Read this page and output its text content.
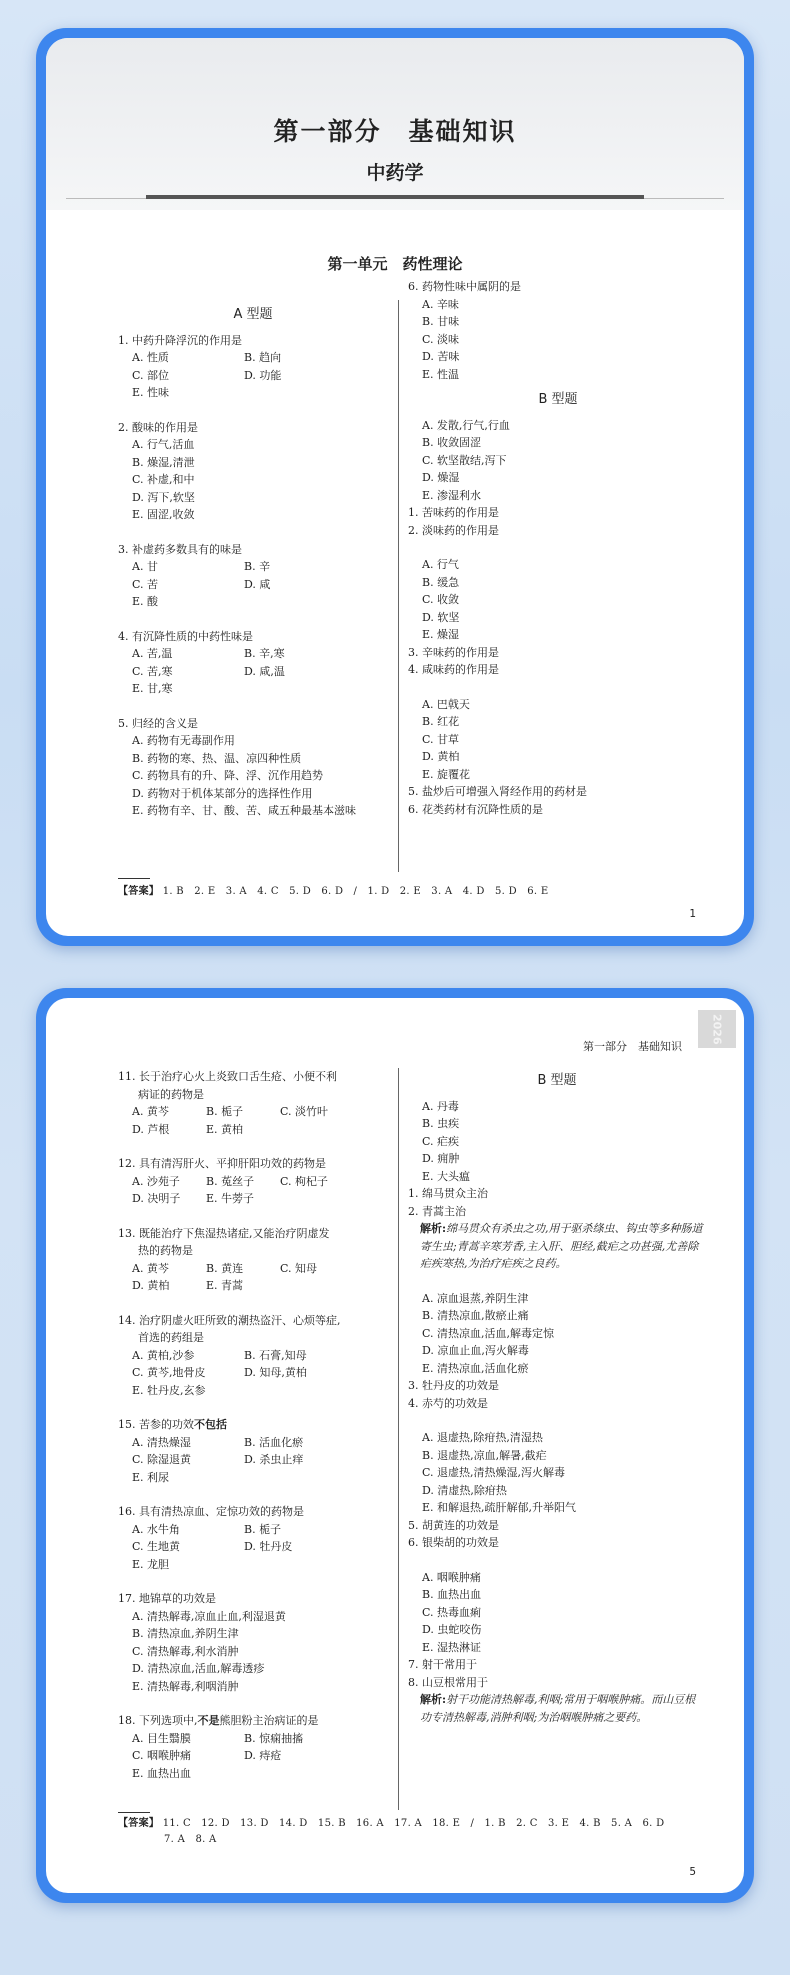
第一部分　基础知识
中药学
第一单元　药性理论
A 型题
1. 中药升降浮沉的作用是
A. 性质	B. 趋向
C. 部位	D. 功能
E. 性味
2. 酸味的作用是
A. 行气,活血
B. 燥湿,清泄
C. 补虚,和中
D. 泻下,软坚
E. 固涩,收敛
3. 补虚药多数具有的味是
A. 甘	B. 辛
C. 苦	D. 咸
E. 酸
4. 有沉降性质的中药性味是
A. 苦,温	B. 辛,寒
C. 苦,寒	D. 咸,温
E. 甘,寒
5. 归经的含义是
A. 药物有无毒副作用
B. 药物的寒、热、温、凉四种性质
C. 药物具有的升、降、浮、沉作用趋势
D. 药物对于机体某部分的选择性作用
E. 药物有辛、甘、酸、苦、咸五种最基本滋味
6. 药物性味中属阴的是
A. 辛味
B. 甘味
C. 淡味
D. 苦味
E. 性温
B 型题
A. 发散,行气,行血
B. 收敛固涩
C. 软坚散结,泻下
D. 燥湿
E. 渗湿利水
1. 苦味药的作用是
2. 淡味药的作用是
A. 行气
B. 缓急
C. 收敛
D. 软坚
E. 燥湿
3. 辛味药的作用是
4. 咸味药的作用是
A. 巴戟天
B. 红花
C. 甘草
D. 黄柏
E. 旋覆花
5. 盐炒后可增强入肾经作用的药材是
6. 花类药材有沉降性质的是
【答案】 1. B　2. E　3. A　4. C　5. D　6. D　/　1. D　2. E　3. A　4. D　5. D　6. E
1
第一部分　基础知识
2026
11. 长于治疗心火上炎致口舌生疮、小便不利
病证的药物是
A. 黄芩	B. 栀子	C. 淡竹叶
D. 芦根	E. 黄柏
12. 具有清泻肝火、平抑肝阳功效的药物是
A. 沙苑子	B. 菟丝子	C. 枸杞子
D. 决明子	E. 牛蒡子
13. 既能治疗下焦湿热诸症,又能治疗阴虚发
热的药物是
A. 黄芩	B. 黄连	C. 知母
D. 黄柏	E. 青蒿
14. 治疗阴虚火旺所致的潮热盗汗、心烦等症,
首选的药组是
A. 黄柏,沙参	B. 石膏,知母
C. 黄芩,地骨皮	D. 知母,黄柏
E. 牡丹皮,玄参
15. 苦参的功效不包括
A. 清热燥湿	B. 活血化瘀
C. 除湿退黄	D. 杀虫止痒
E. 利尿
16. 具有清热凉血、定惊功效的药物是
A. 水牛角	B. 栀子
C. 生地黄	D. 牡丹皮
E. 龙胆
17. 地锦草的功效是
A. 清热解毒,凉血止血,利湿退黄
B. 清热凉血,养阴生津
C. 清热解毒,利水消肿
D. 清热凉血,活血,解毒透疹
E. 清热解毒,利咽消肿
18. 下列选项中,不是熊胆粉主治病证的是
A. 目生翳膜	B. 惊痫抽搐
C. 咽喉肿痛	D. 痔疮
E. 血热出血
B 型题
A. 丹毒
B. 虫疾
C. 疟疾
D. 痈肿
E. 大头瘟
1. 绵马贯众主治
2. 青蒿主治
解析:绵马贯众有杀虫之功,用于驱杀绦虫、钩虫等多种肠道寄生虫;青蒿辛寒芳香,主入肝、胆经,截疟之功甚强,尤善除疟疾寒热,为治疗疟疾之良药。
A. 凉血退蒸,养阴生津
B. 清热凉血,散瘀止痛
C. 清热凉血,活血,解毒定惊
D. 凉血止血,泻火解毒
E. 清热凉血,活血化瘀
3. 牡丹皮的功效是
4. 赤芍的功效是
A. 退虚热,除疳热,清湿热
B. 退虚热,凉血,解暑,截疟
C. 退虚热,清热燥湿,泻火解毒
D. 清虚热,除疳热
E. 和解退热,疏肝解郁,升举阳气
5. 胡黄连的功效是
6. 银柴胡的功效是
A. 咽喉肿痛
B. 血热出血
C. 热毒血痢
D. 虫蛇咬伤
E. 湿热淋证
7. 射干常用于
8. 山豆根常用于
解析:射干功能清热解毒,利咽;常用于咽喉肿痛。而山豆根功专清热解毒,消肿利咽;为治咽喉肿痛之要药。
【答案】 11. C　12. D　13. D　14. D　15. B　16. A　17. A　18. E　/　1. B　2. C　3. E　4. B　5. A　6. D
7. A　8. A
5
